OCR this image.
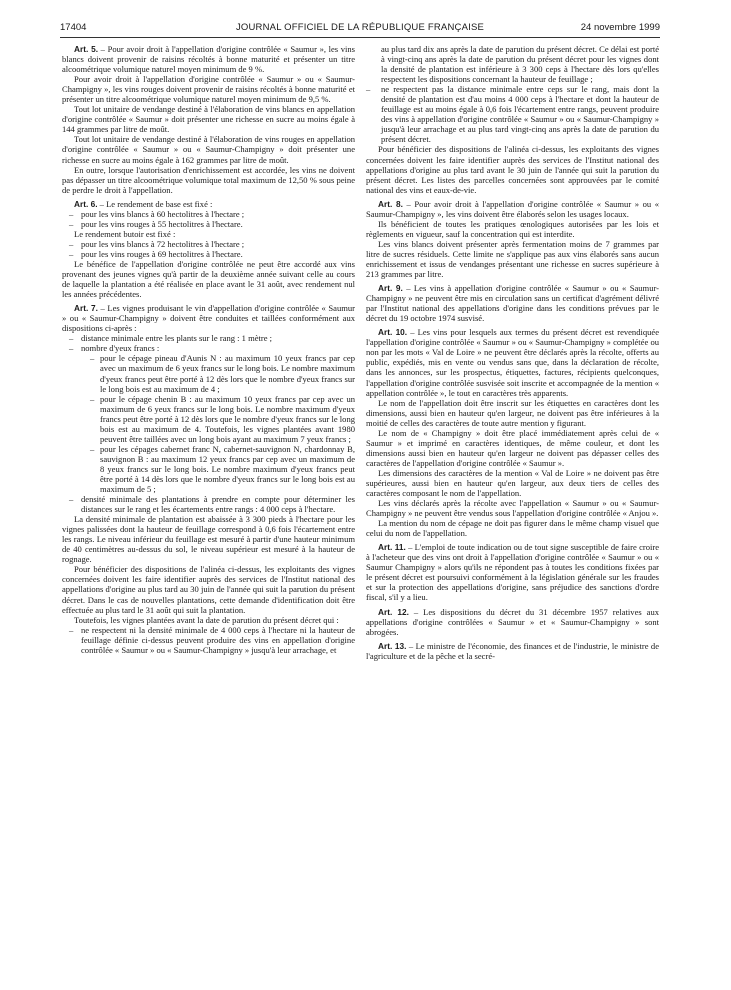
17404	JOURNAL OFFICIEL DE LA RÉPUBLIQUE FRANÇAISE	24 novembre 1999

Art. 5. – Pour avoir droit à l'appellation d'origine contrôlée « Saumur », les vins blancs doivent provenir de raisins récoltés à bonne maturité et présenter un titre alcoométrique volumique naturel moyen minimum de 9 %.

Pour avoir droit à l'appellation d'origine contrôlée « Saumur » ou « Saumur-Champigny », les vins rouges doivent provenir de raisins récoltés à bonne maturité et présenter un titre alcoométrique volumique naturel moyen minimum de 9,5 %.

Tout lot unitaire de vendange destiné à l'élaboration de vins blancs en appellation d'origine contrôlée « Saumur » doit présenter une richesse en sucre au moins égale à 144 grammes par litre de moût.

Tout lot unitaire de vendange destiné à l'élaboration de vins rouges en appellation d'origine contrôlée « Saumur » ou « Saumur-Champigny » doit présenter une richesse en sucre au moins égale à 162 grammes par litre de moût.

En outre, lorsque l'autorisation d'enrichissement est accordée, les vins ne doivent pas dépasser un titre alcoométrique volumique total maximum de 12,50 % sous peine de perdre le droit à l'appellation.

Art. 6. – Le rendement de base est fixé :

– pour les vins blancs à 60 hectolitres à l'hectare ;
– pour les vins rouges à 55 hectolitres à l'hectare.

Le rendement butoir est fixé :

– pour les vins blancs à 72 hectolitres à l'hectare ;
– pour les vins rouges à 69 hectolitres à l'hectare.

Le bénéfice de l'appellation d'origine contrôlée ne peut être accordé aux vins provenant des jeunes vignes qu'à partir de la deuxième année suivant celle au cours de laquelle la plantation a été réalisée en place avant le 31 août, avec rendement nul les années précédentes.

Art. 7. – Les vignes produisant le vin d'appellation d'origine contrôlée « Saumur » ou « Saumur-Champigny » doivent être conduites et taillées conformément aux dispositions ci-après :

– distance minimale entre les plants sur le rang : 1 mètre ;
– nombre d'yeux francs :
– pour le cépage pineau d'Aunis N : au maximum 10 yeux francs par cep avec un maximum de 6 yeux francs sur le long bois. Le nombre maximum d'yeux francs peut être porté à 12 dès lors que le nombre d'yeux francs sur le long bois est au maximum de 4 ;
– pour le cépage chenin B : au maximum 10 yeux francs par cep avec un maximum de 6 yeux francs sur le long bois. Le nombre maximum d'yeux francs peut être porté à 12 dès lors que le nombre d'yeux francs sur le long bois est au maximum de 4. Toutefois, les vignes plantées avant 1980 peuvent être taillées avec un long bois ayant au maximum 7 yeux francs ;
– pour les cépages cabernet franc N, cabernet-sauvignon N, chardonnay B, sauvignon B : au maximum 12 yeux francs par cep avec un maximum de 8 yeux francs sur le long bois. Le nombre maximum d'yeux francs peut être porté à 14 dès lors que le nombre d'yeux francs sur le long bois est au maximum de 5 ;
– densité minimale des plantations à prendre en compte pour déterminer les distances sur le rang et les écartements entre rangs : 4 000 ceps à l'hectare.

La densité minimale de plantation est abaissée à 3 300 pieds à l'hectare pour les vignes palissées dont la hauteur de feuillage correspond à 0,6 fois l'écartement entre les rangs. Le niveau inférieur du feuillage est mesuré à partir d'une hauteur minimum de 40 centimètres au-dessus du sol, le niveau supérieur est mesuré à la hauteur de rognage.

Pour bénéficier des dispositions de l'alinéa ci-dessus, les exploitants des vignes concernées doivent les faire identifier auprès des services de l'Institut national des appellations d'origine au plus tard au 30 juin de l'année qui suit la parution du présent décret. Dans le cas de nouvelles plantations, cette demande d'identification doit être effectuée au plus tard le 31 août qui suit la plantation.

Toutefois, les vignes plantées avant la date de parution du présent décret qui :

– ne respectent ni la densité minimale de 4 000 ceps à l'hectare ni la hauteur de feuillage définie ci-dessus peuvent produire des vins en appellation d'origine contrôlée « Saumur » ou « Saumur-Champigny » jusqu'à leur arrachage, et

au plus tard dix ans après la date de parution du présent décret. Ce délai est porté à vingt-cinq ans après la date de parution du présent décret pour les vignes dont la densité de plantation est inférieure à 3 300 ceps à l'hectare dès lors qu'elles respectent les dispositions concernant la hauteur de feuillage ;

– ne respectent pas la distance minimale entre ceps sur le rang, mais dont la densité de plantation est d'au moins 4 000 ceps à l'hectare et dont la hauteur de feuillage est au moins égale à 0,6 fois l'écartement entre rangs, peuvent produire des vins à appellation d'origine contrôlée « Saumur » ou « Saumur-Champigny » jusqu'à leur arrachage et au plus tard vingt-cinq ans après la date de parution du présent décret.

Pour bénéficier des dispositions de l'alinéa ci-dessus, les exploitants des vignes concernées doivent les faire identifier auprès des services de l'Institut national des appellations d'origine au plus tard avant le 30 juin de l'année qui suit la parution du présent décret. Les listes des parcelles concernées sont approuvées par le comité national des vins et eaux-de-vie.

Art. 8. – Pour avoir droit à l'appellation d'origine contrôlée « Saumur » ou « Saumur-Champigny », les vins doivent être élaborés selon les usages locaux.

Ils bénéficient de toutes les pratiques œnologiques autorisées par les lois et règlements en vigueur, sauf la concentration qui est interdite.

Les vins blancs doivent présenter après fermentation moins de 7 grammes par litre de sucres résiduels. Cette limite ne s'applique pas aux vins élaborés sans aucun enrichissement et issus de vendanges présentant une richesse en sucres supérieure à 213 grammes par litre.

Art. 9. – Les vins à appellation d'origine contrôlée « Saumur » ou « Saumur-Champigny » ne peuvent être mis en circulation sans un certificat d'agrément délivré par l'Institut national des appellations d'origine dans les conditions prévues par le décret du 19 octobre 1974 susvisé.

Art. 10. – Les vins pour lesquels aux termes du présent décret est revendiquée l'appellation d'origine contrôlée « Saumur » ou « Saumur-Champigny » complétée ou non par les mots « Val de Loire » ne peuvent être déclarés après la récolte, offerts au public, expédiés, mis en vente ou vendus sans que, dans la déclaration de récolte, dans les annonces, sur les prospectus, étiquettes, factures, récipients quelconques, l'appellation d'origine contrôlée susvisée soit inscrite et accompagnée de la mention « appellation contrôlée », le tout en caractères très apparents.

Le nom de l'appellation doit être inscrit sur les étiquettes en caractères dont les dimensions, aussi bien en hauteur qu'en largeur, ne doivent pas être inférieures à la moitié de celles des caractères de toute autre mention y figurant.

Le nom de « Champigny » doit être placé immédiatement après celui de « Saumur » et imprimé en caractères identiques, de même couleur, et dont les dimensions aussi bien en hauteur qu'en largeur ne doivent pas dépasser celles des caractères de l'appellation d'origine contrôlée « Saumur ».

Les dimensions des caractères de la mention « Val de Loire » ne doivent pas être supérieures, aussi bien en hauteur qu'en largeur, aux deux tiers de celles des caractères composant le nom de l'appellation.

Les vins déclarés après la récolte avec l'appellation « Saumur » ou « Saumur-Champigny » ne peuvent être vendus sous l'appellation d'origine contrôlée « Anjou ».

La mention du nom de cépage ne doit pas figurer dans le même champ visuel que celui du nom de l'appellation.

Art. 11. – L'emploi de toute indication ou de tout signe susceptible de faire croire à l'acheteur que des vins ont droit à l'appellation d'origine contrôlée « Saumur » ou « Saumur Champigny » alors qu'ils ne répondent pas à toutes les conditions fixées par le présent décret est poursuivi conformément à la législation générale sur les fraudes et sur la protection des appellations d'origine, sans préjudice des sanctions d'ordre fiscal, s'il y a lieu.

Art. 12. – Les dispositions du décret du 31 décembre 1957 relatives aux appellations d'origine contrôlées « Saumur » et « Saumur-Champigny » sont abrogées.

Art. 13. – Le ministre de l'économie, des finances et de l'industrie, le ministre de l'agriculture et de la pêche et la secré-
